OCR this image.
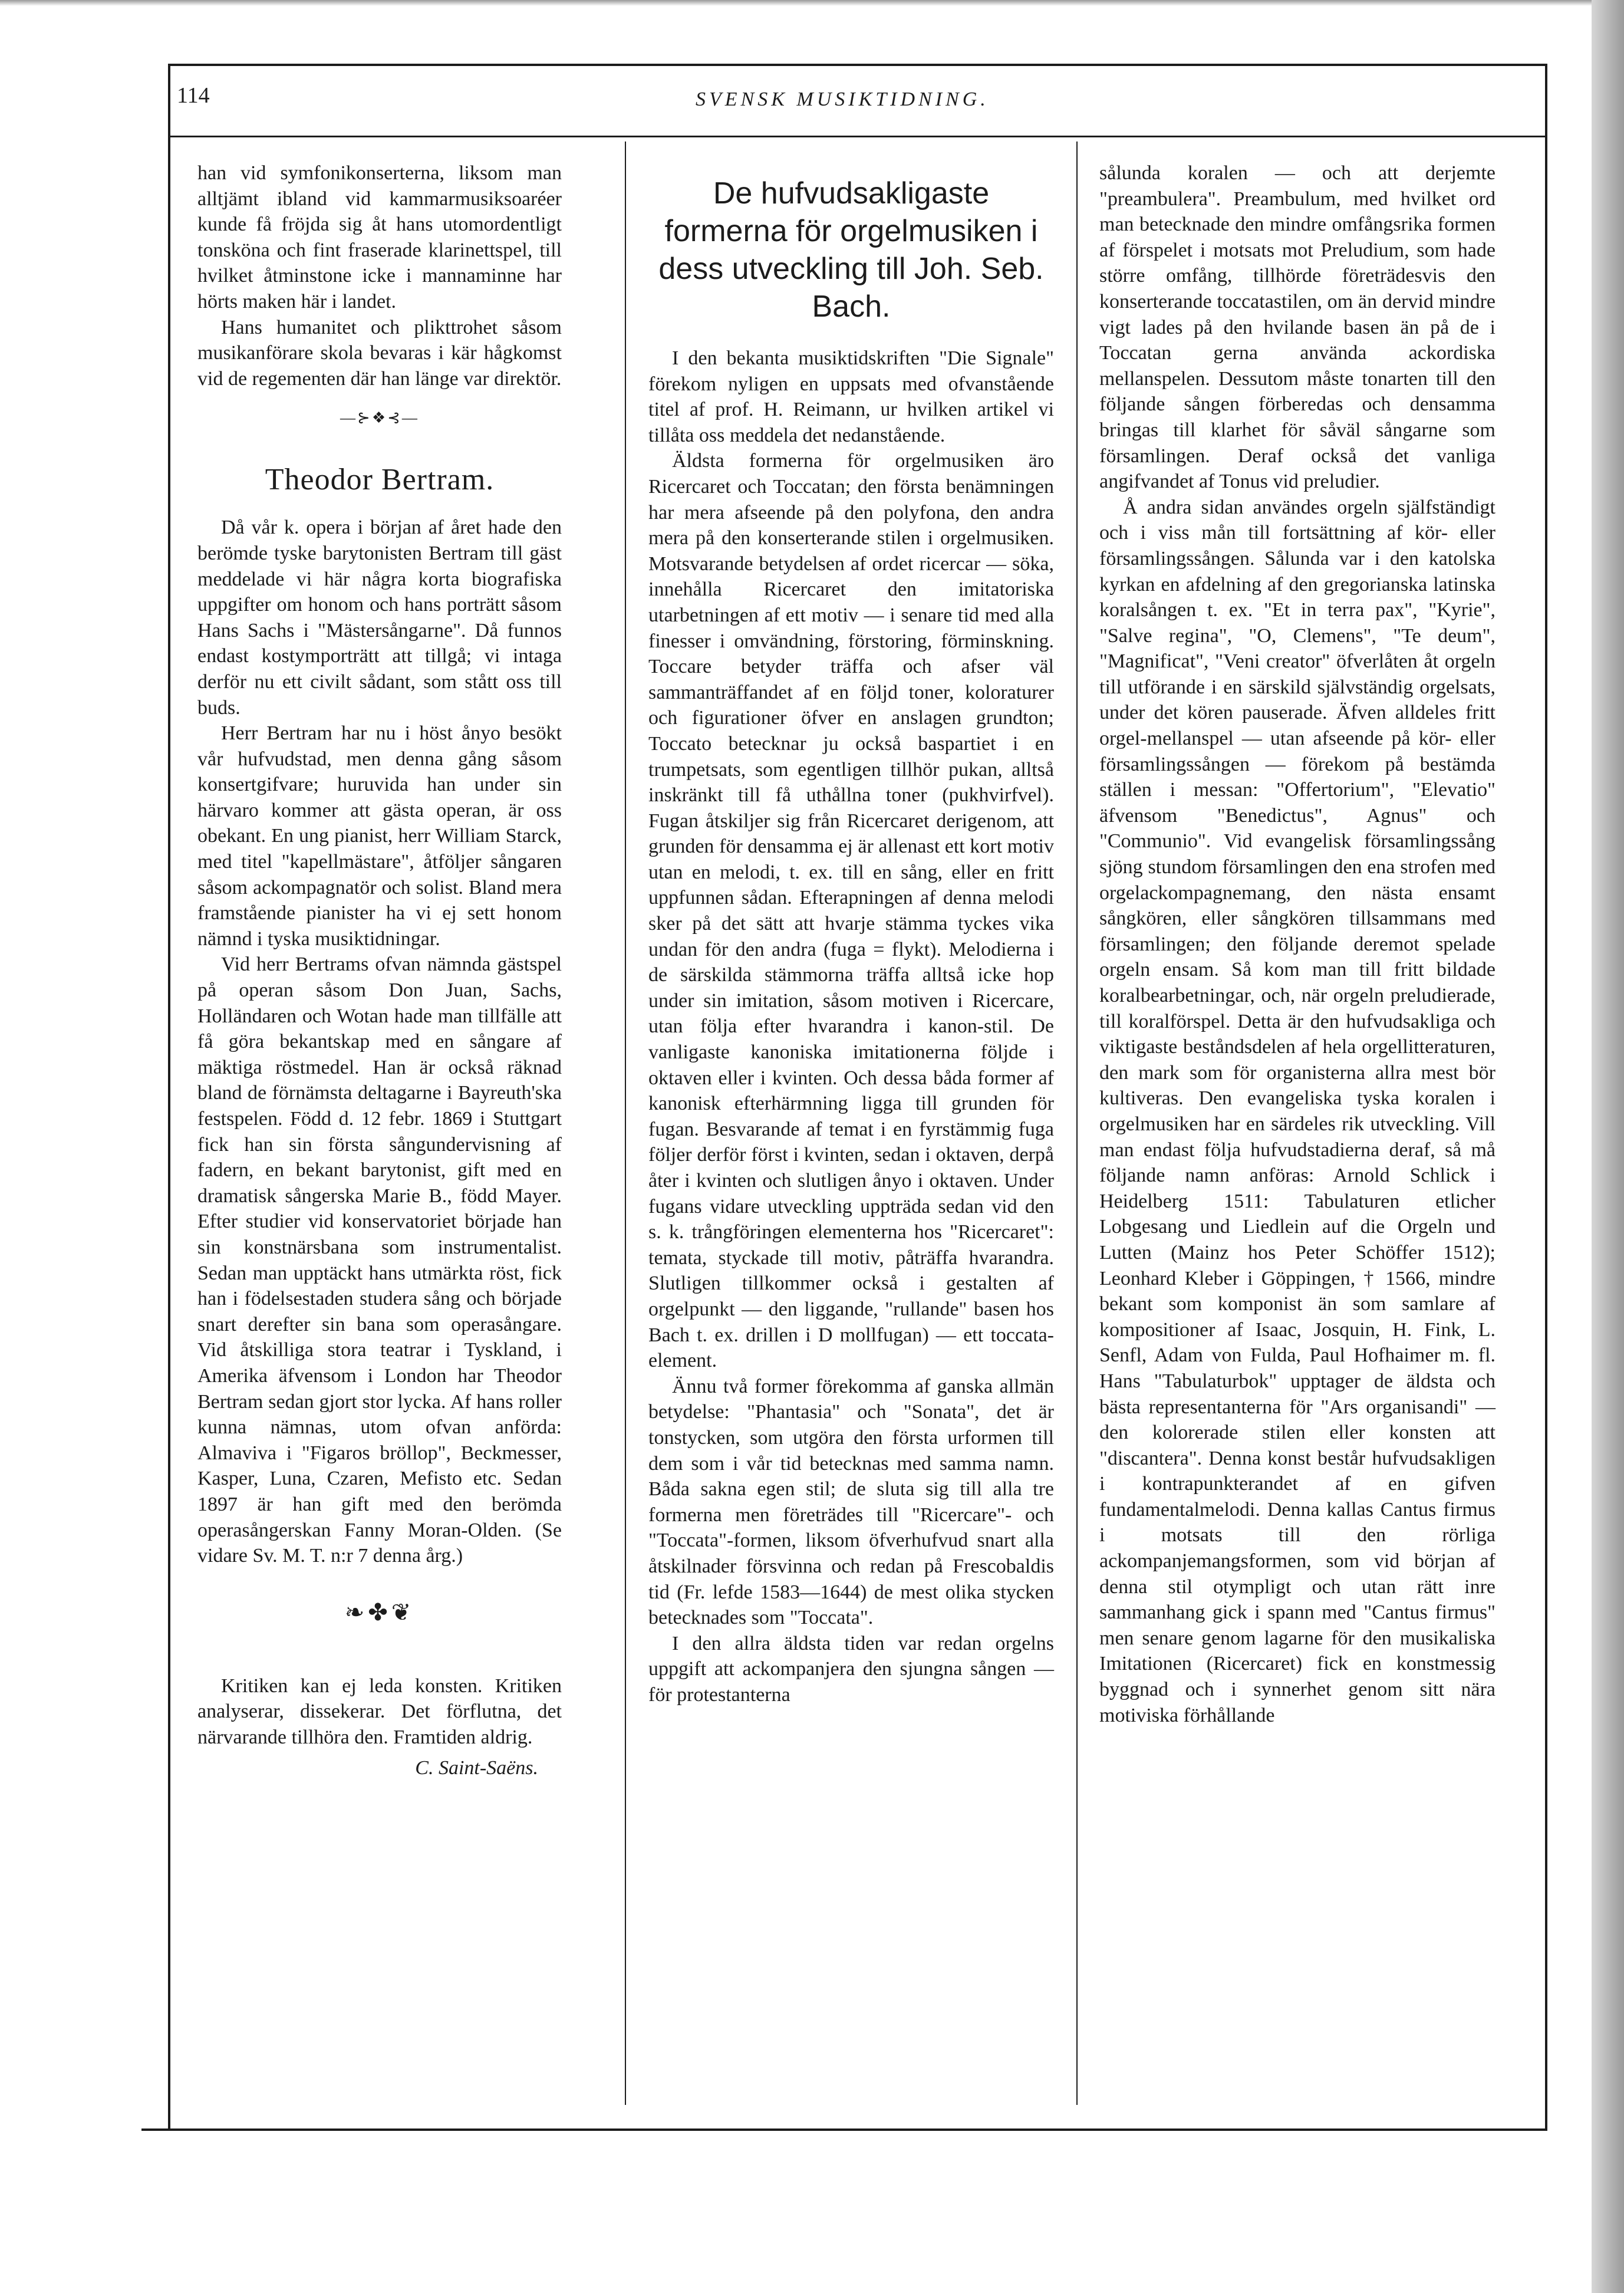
114	SVENSK MUSIKTIDNING.

han vid symfonikonserterna, liksom man alltjämt ibland vid kammarmusiksoaréer kunde få fröjda sig åt hans utomordentligt tonsköna och fint fraserade klarinettspel, till hvilket åtminstone icke i mannaminne har hörts maken här i landet.

Hans humanitet och plikttrohet såsom musikanförare skola bevaras i kär hågkomst vid de regementen där han länge var direktör.

—⊱❖⊰—
Theodor Bertram.

Då vår k. opera i början af året hade den berömde tyske barytonisten Bertram till gäst meddelade vi här några korta biografiska uppgifter om honom och hans porträtt såsom Hans Sachs i "Mästersångarne". Då funnos endast kostymporträtt att tillgå; vi intaga derför nu ett civilt sådant, som stått oss till buds.

Herr Bertram har nu i höst ånyo besökt vår hufvudstad, men denna gång såsom konsertgifvare; huruvida han under sin härvaro kommer att gästa operan, är oss obekant. En ung pianist, herr William Starck, med titel "kapellmästare", åtföljer sångaren såsom ackompagnatör och solist. Bland mera framstående pianister ha vi ej sett honom nämnd i tyska musiktidningar.

Vid herr Bertrams ofvan nämnda gästspel på operan såsom Don Juan, Sachs, Holländaren och Wotan hade man tillfälle att få göra bekantskap med en sångare af mäktiga röstmedel. Han är också räknad bland de förnämsta deltagarne i Bayreuth'ska festspelen. Född d. 12 febr. 1869 i Stuttgart fick han sin första sångundervisning af fadern, en bekant barytonist, gift med en dramatisk sångerska Marie B., född Mayer. Efter studier vid konservatoriet började han sin konstnärsbana som instrumentalist. Sedan man upptäckt hans utmärkta röst, fick han i födelsestaden studera sång och började snart derefter sin bana som operasångare. Vid åtskilliga stora teatrar i Tyskland, i Amerika äfvensom i London har Theodor Bertram sedan gjort stor lycka. Af hans roller kunna nämnas, utom ofvan anförda: Almaviva i "Figaros bröllop", Beckmesser, Kasper, Luna, Czaren, Mefisto etc. Sedan 1897 är han gift med den berömda operasångerskan Fanny Moran-Olden. (Se vidare Sv. M. T. n:r 7 denna årg.)

❧✤❦

Kritiken kan ej leda konsten. Kritiken analyserar, dissekerar. Det förflutna, det närvarande tillhöra den. Framtiden aldrig.

C. Saint-Saëns.
De hufvudsakligaste formerna för orgelmusiken i dess utveckling till Joh. Seb. Bach.

I den bekanta musiktidskriften "Die Signale" förekom nyligen en uppsats med ofvanstående titel af prof. H. Reimann, ur hvilken artikel vi tillåta oss meddela det nedanstående.

Äldsta formerna för orgelmusiken äro Ricercaret och Toccatan; den första benämningen har mera afseende på den polyfona, den andra mera på den konserterande stilen i orgelmusiken. Motsvarande betydelsen af ordet ricercar — söka, innehålla Ricercaret den imitatoriska utarbetningen af ett motiv — i senare tid med alla finesser i omvändning, förstoring, förminskning. Toccare betyder träffa och afser väl sammanträffandet af en följd toner, koloraturer och figurationer öfver en anslagen grundton; Toccato betecknar ju också baspartiet i en trumpetsats, som egentligen tillhör pukan, alltså inskränkt till få uthållna toner (pukhvirfvel). Fugan åtskiljer sig från Ricercaret derigenom, att grunden för densamma ej är allenast ett kort motiv utan en melodi, t. ex. till en sång, eller en fritt uppfunnen sådan. Efterapningen af denna melodi sker på det sätt att hvarje stämma tyckes vika undan för den andra (fuga = flykt). Melodierna i de särskilda stämmorna träffa alltså icke hop under sin imitation, såsom motiven i Ricercare, utan följa efter hvarandra i kanon-stil. De vanligaste kanoniska imitationerna följde i oktaven eller i kvinten. Och dessa båda former af kanonisk efterhärmning ligga till grunden för fugan. Besvarande af temat i en fyrstämmig fuga följer derför först i kvinten, sedan i oktaven, derpå åter i kvinten och slutligen ånyo i oktaven. Under fugans vidare utveckling uppträda sedan vid den s. k. trångföringen elementerna hos "Ricercaret": temata, styckade till motiv, påträffa hvarandra. Slutligen tillkommer också i gestalten af orgelpunkt — den liggande, "rullande" basen hos Bach t. ex. drillen i D mollfugan) — ett toccata-element.

Ännu två former förekomma af ganska allmän betydelse: "Phantasia" och "Sonata", det är tonstycken, som utgöra den första urformen till dem som i vår tid betecknas med samma namn. Båda sakna egen stil; de sluta sig till alla tre formerna men företrädes till "Ricercare"- och "Toccata"-formen, liksom öfverhufvud snart alla åtskilnader försvinna och redan på Frescobaldis tid (Fr. lefde 1583—1644) de mest olika stycken betecknades som "Toccata".

I den allra äldsta tiden var redan orgelns uppgift att ackompanjera den sjungna sången — för protestanterna

sålunda koralen — och att derjemte "preambulera". Preambulum, med hvilket ord man betecknade den mindre omfångsrika formen af förspelet i motsats mot Preludium, som hade större omfång, tillhörde företrädesvis den konserterande toccatastilen, om än dervid mindre vigt lades på den hvilande basen än på de i Toccatan gerna använda ackordiska mellanspelen. Dessutom måste tonarten till den följande sången förberedas och densamma bringas till klarhet för såväl sångarne som församlingen. Deraf också det vanliga angifvandet af Tonus vid preludier.

Å andra sidan användes orgeln själfständigt och i viss mån till fortsättning af kör- eller församlingssången. Sålunda var i den katolska kyrkan en afdelning af den gregorianska latinska koralsången t. ex. "Et in terra pax", "Kyrie", "Salve regina", "O, Clemens", "Te deum", "Magnificat", "Veni creator" öfverlåten åt orgeln till utförande i en särskild självständig orgelsats, under det kören pauserade. Äfven alldeles fritt orgel-mellanspel — utan afseende på kör- eller församlingssången — förekom på bestämda ställen i messan: "Offertorium", "Elevatio" äfvensom "Benedictus", Agnus" och "Communio". Vid evangelisk församlingssång sjöng stundom församlingen den ena strofen med orgelackompagnemang, den nästa ensamt sångkören, eller sångkören tillsammans med församlingen; den följande deremot spelade orgeln ensam. Så kom man till fritt bildade koralbearbetningar, och, när orgeln preludierade, till koralförspel. Detta är den hufvudsakliga och viktigaste beståndsdelen af hela orgellitteraturen, den mark som för organisterna allra mest bör kultiveras. Den evangeliska tyska koralen i orgelmusiken har en särdeles rik utveckling. Vill man endast följa hufvudstadierna deraf, så må följande namn anföras: Arnold Schlick i Heidelberg 1511: Tabulaturen etlicher Lobgesang und Liedlein auf die Orgeln und Lutten (Mainz hos Peter Schöffer 1512); Leonhard Kleber i Göppingen, † 1566, mindre bekant som komponist än som samlare af kompositioner af Isaac, Josquin, H. Fink, L. Senfl, Adam von Fulda, Paul Hofhaimer m. fl. Hans "Tabulaturbok" upptager de äldsta och bästa representanterna för "Ars organisandi" — den kolorerade stilen eller konsten att "discantera". Denna konst består hufvudsakligen i kontrapunkterandet af en gifven fundamentalmelodi. Denna kallas Cantus firmus i motsats till den rörliga ackompanjemangsformen, som vid början af denna stil otympligt och utan rätt inre sammanhang gick i spann med "Cantus firmus" men senare genom lagarne för den musikaliska Imitationen (Ricercaret) fick en konstmessig byggnad och i synnerhet genom sitt nära motiviska förhållande
